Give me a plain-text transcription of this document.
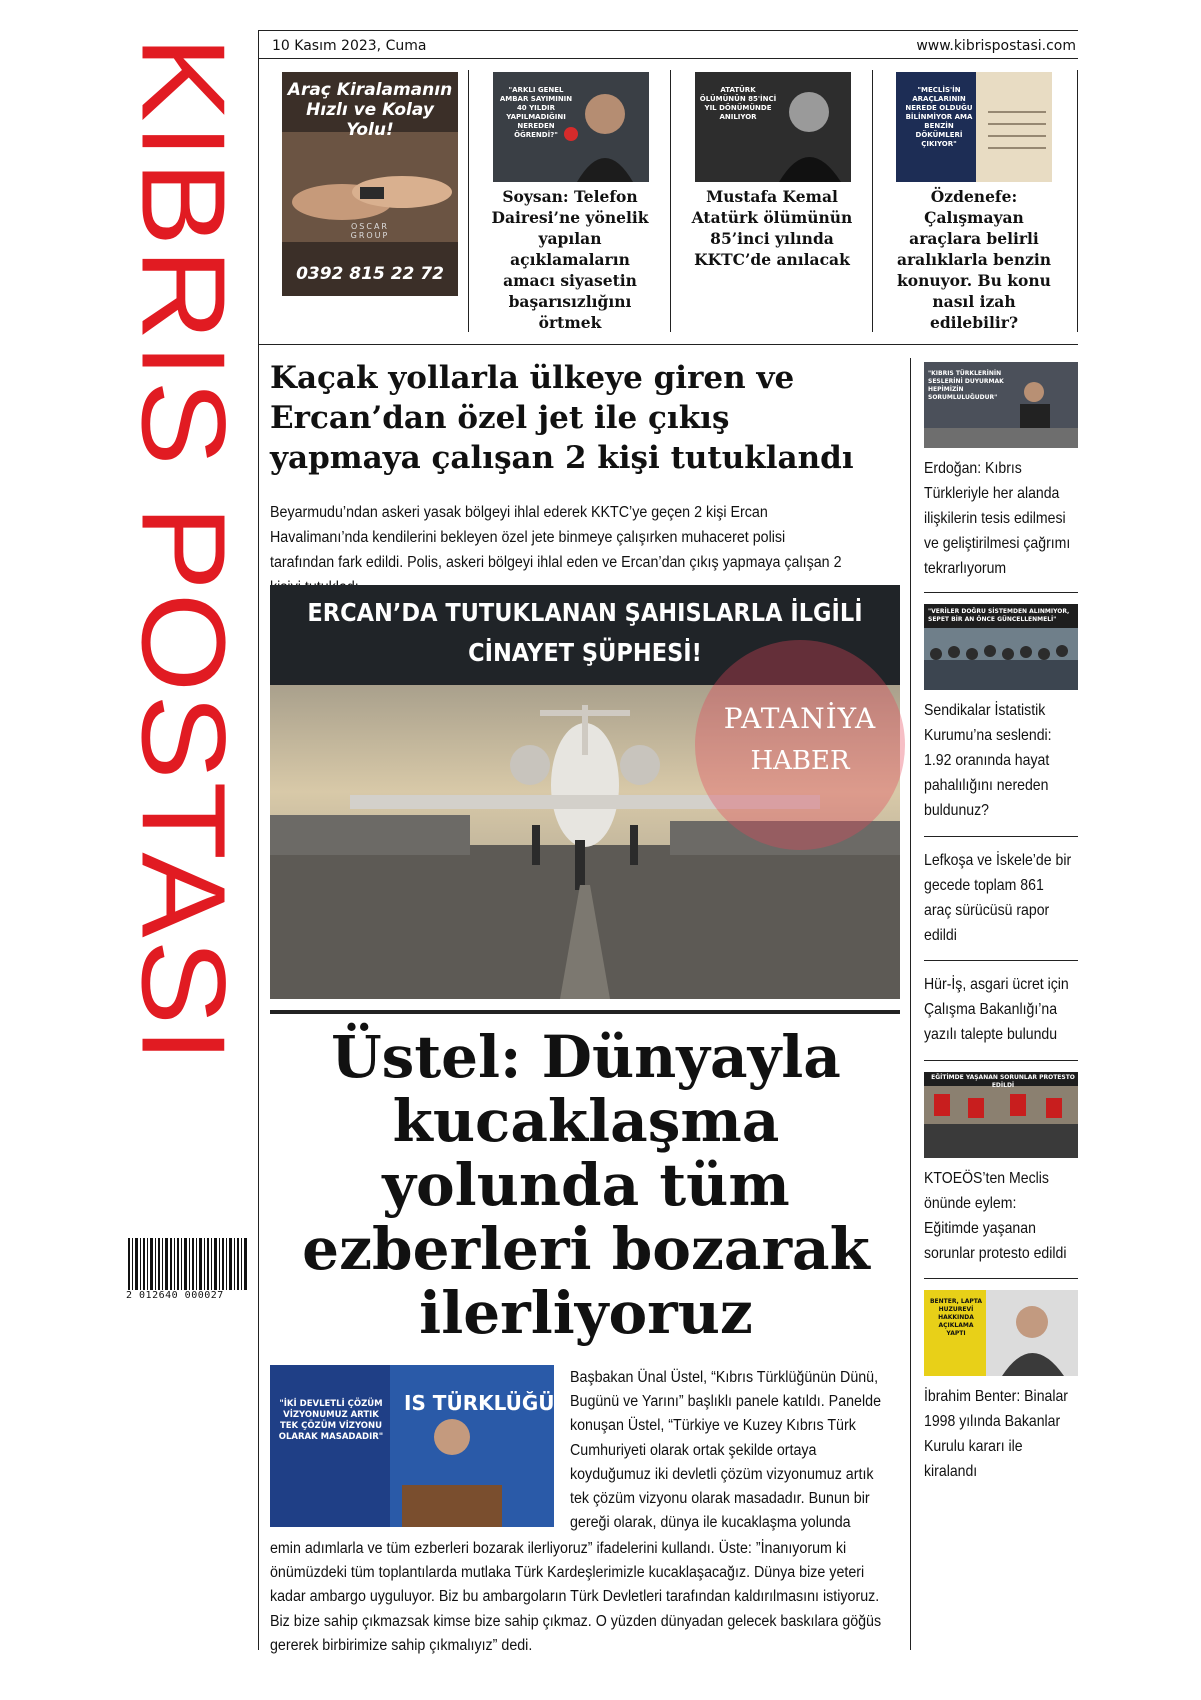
KIBRIS POSTASI
2 012640 000027
10 Kasım 2023, Cuma	www.kibrispostasi.com
Araç Kiralamanın Hızlı ve Kolay Yolu!
OSCAR GROUP
0392 815 22 72
"ARKLI GENEL AMBAR SAYIMININ 40 YILDIR YAPILMADIĞINI NEREDEN ÖĞRENDİ?"
Soysan: Telefon Dairesi’ne yönelik yapılan açıklamaların amacı siyasetin başarısızlığını örtmek
ATATÜRK ÖLÜMÜNÜN 85'İNCİ YIL DÖNÜMÜNDE ANILIYOR
Mustafa Kemal Atatürk ölümünün 85’inci yılında KKTC’de anılacak
"MECLİS'İN ARAÇLARININ NEREDE OLDUĞU BİLİNMİYOR AMA BENZİN DÖKÜMLERİ ÇIKIYOR"
Özdenefe: Çalışmayan araçlara belirli aralıklarla benzin konuyor. Bu konu nasıl izah edilebilir?
Kaçak yollarla ülkeye giren ve Ercan’dan özel jet ile çıkış yapmaya çalışan 2 kişi tutuklandı
Beyarmudu’ndan askeri yasak bölgeyi ihlal ederek KKTC’ye geçen 2 kişi Ercan Havalimanı’nda kendilerini bekleyen özel jete binmeye çalışırken muhaceret polisi tarafından fark edildi. Polis, askeri bölgeyi ihlal eden ve Ercan’dan çıkış yapmaya çalışan 2
ERCAN’DA TUTUKLANAN ŞAHISLARLA İLGİLİ
CİNAYET ŞÜPHESİ!
PATANİYA
HABER
Üstel: Dünyayla kucaklaşma yolunda tüm ezberleri bozarak ilerliyoruz
IS TÜRKLÜĞÜN
"İKİ DEVLETLİ ÇÖZÜM VİZYONUMUZ ARTIK TEK ÇÖZÜM VİZYONU OLARAK MASADADIR"
Başbakan Ünal Üstel, “Kıbrıs Türklüğünün Dünü, Bugünü ve Yarını” başlıklı panele katıldı. Panelde konuşan Üstel, “Türkiye ve Kuzey Kıbrıs Türk Cumhuriyeti olarak ortak şekilde ortaya koyduğumuz iki devletli çözüm vizyonumuz artık tek çözüm vizyonu olarak masadadır. Bunun bir gereği olarak, dünya ile kucaklaşma yolunda
emin adımlarla ve tüm ezberleri bozarak ilerliyoruz” ifadelerini kullandı. Üste: ”İnanıyorum ki önümüzdeki tüm toplantılarda mutlaka Türk Kardeşlerimizle kucaklaşacağız. Dünya bize yeteri kadar ambargo uyguluyor. Biz bu ambargoların Türk Devletleri tarafından kaldırılmasını istiyoruz. Biz bize sahip çıkmazsak kimse bize sahip çıkmaz. O yüzden dünyadan gelecek baskılara göğüs gererek birbirimize sahip çıkmalıyız” dedi.
"KIBRIS TÜRKLERİNİN SESLERİNİ DUYURMAK HEPİMİZİN SORUMLULUĞUDUR"
Erdoğan: Kıbrıs Türkleriyle her alanda ilişkilerin tesis edilmesi ve geliştirilmesi çağrımı tekrarlıyorum
"VERİLER DOĞRU SİSTEMDEN ALINMIYOR, SEPET BİR AN ÖNCE GÜNCELLENMELİ"
Sendikalar İstatistik Kurumu’na seslendi: 1.92 oranında hayat pahalılığını nereden buldunuz?
Lefkoşa ve İskele’de bir gecede toplam 861 araç sürücüsü rapor edildi
Hür-İş, asgari ücret için Çalışma Bakanlığı’na yazılı talepte bulundu
EĞİTİMDE YAŞANAN SORUNLAR PROTESTO EDİLDİ
KTOEÖS’ten Meclis önünde eylem: Eğitimde yaşanan sorunlar protesto edildi
BENTER, LAPTA HUZUREVİ HAKKINDA AÇIKLAMA YAPTI
İbrahim Benter: Binalar 1998 yılında Bakanlar Kurulu kararı ile kiralandı
